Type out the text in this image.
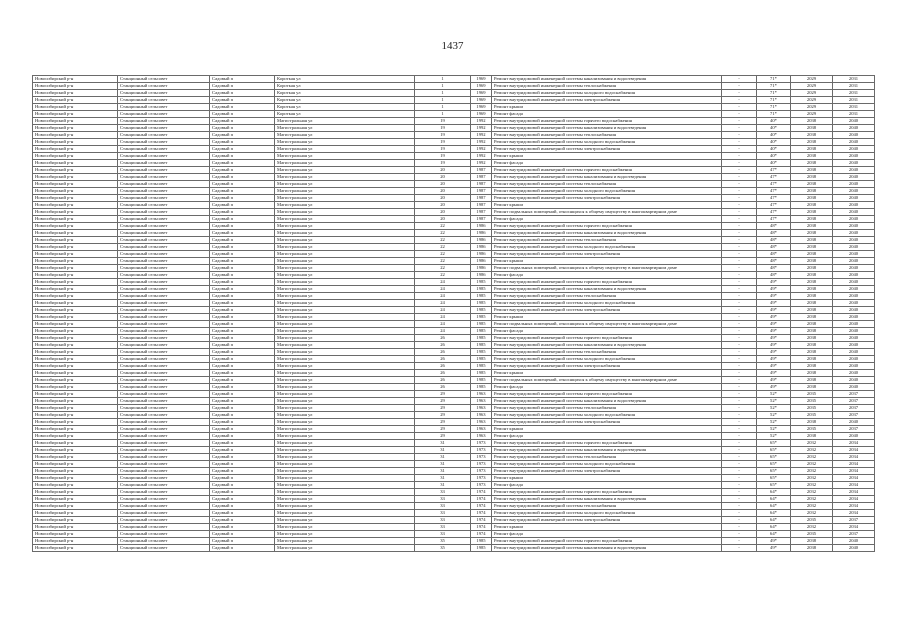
1437
Новосибирский р-н	Станционный сельсовет	Садовый п	Короткая ул	1	1969	Ремонт внутридомовой инженерной системы канализования и водоотведения	-	71*	2029	2031
Новосибирский р-н	Станционный сельсовет	Садовый п	Короткая ул	1	1969	Ремонт внутридомовой инженерной системы теплоснабжения	-	71*	2029	2031
Новосибирский р-н	Станционный сельсовет	Садовый п	Короткая ул	1	1969	Ремонт внутридомовой инженерной системы холодного водоснабжения	-	71*	2029	2031
Новосибирский р-н	Станционный сельсовет	Садовый п	Короткая ул	1	1969	Ремонт внутридомовой инженерной системы электроснабжения	-	71*	2029	2031
Новосибирский р-н	Станционный сельсовет	Садовый п	Короткая ул	1	1969	Ремонт крыши	-	71*	2029	2031
Новосибирский р-н	Станционный сельсовет	Садовый п	Короткая ул	1	1969	Ремонт фасада	-	71*	2029	2031
Новосибирский р-н	Станционный сельсовет	Садовый п	Магистральная ул	19	1992	Ремонт внутридомовой инженерной системы горячего водоснабжения	-	40*	2038	2040
Новосибирский р-н	Станционный сельсовет	Садовый п	Магистральная ул	19	1992	Ремонт внутридомовой инженерной системы канализования и водоотведения	-	40*	2038	2040
Новосибирский р-н	Станционный сельсовет	Садовый п	Магистральная ул	19	1992	Ремонт внутридомовой инженерной системы теплоснабжения	-	40*	2038	2040
Новосибирский р-н	Станционный сельсовет	Садовый п	Магистральная ул	19	1992	Ремонт внутридомовой инженерной системы холодного водоснабжения	-	40*	2038	2040
Новосибирский р-н	Станционный сельсовет	Садовый п	Магистральная ул	19	1992	Ремонт внутридомовой инженерной системы электроснабжения	-	40*	2038	2040
Новосибирский р-н	Станционный сельсовет	Садовый п	Магистральная ул	19	1992	Ремонт крыши	-	40*	2038	2040
Новосибирский р-н	Станционный сельсовет	Садовый п	Магистральная ул	19	1992	Ремонт фасада	-	40*	2038	2040
Новосибирский р-н	Станционный сельсовет	Садовый п	Магистральная ул	20	1987	Ремонт внутридомовой инженерной системы горячего водоснабжения	-	47*	2038	2040
Новосибирский р-н	Станционный сельсовет	Садовый п	Магистральная ул	20	1987	Ремонт внутридомовой инженерной системы канализования и водоотведения	-	47*	2038	2040
Новосибирский р-н	Станционный сельсовет	Садовый п	Магистральная ул	20	1987	Ремонт внутридомовой инженерной системы теплоснабжения	-	47*	2038	2040
Новосибирский р-н	Станционный сельсовет	Садовый п	Магистральная ул	20	1987	Ремонт внутридомовой инженерной системы холодного водоснабжения	-	47*	2038	2040
Новосибирский р-н	Станционный сельсовет	Садовый п	Магистральная ул	20	1987	Ремонт внутридомовой инженерной системы электроснабжения	-	47*	2038	2040
Новосибирский р-н	Станционный сельсовет	Садовый п	Магистральная ул	20	1987	Ремонт крыши	-	47*	2038	2040
Новосибирский р-н	Станционный сельсовет	Садовый п	Магистральная ул	20	1987	Ремонт подвальных помещений, относящихся к общему имуществу в многоквартирном доме	-	47*	2038	2040
Новосибирский р-н	Станционный сельсовет	Садовый п	Магистральная ул	20	1987	Ремонт фасада	-	47*	2038	2040
Новосибирский р-н	Станционный сельсовет	Садовый п	Магистральная ул	22	1986	Ремонт внутридомовой инженерной системы горячего водоснабжения	-	48*	2038	2040
Новосибирский р-н	Станционный сельсовет	Садовый п	Магистральная ул	22	1986	Ремонт внутридомовой инженерной системы канализования и водоотведения	-	48*	2038	2040
Новосибирский р-н	Станционный сельсовет	Садовый п	Магистральная ул	22	1986	Ремонт внутридомовой инженерной системы теплоснабжения	-	48*	2038	2040
Новосибирский р-н	Станционный сельсовет	Садовый п	Магистральная ул	22	1986	Ремонт внутридомовой инженерной системы холодного водоснабжения	-	48*	2038	2040
Новосибирский р-н	Станционный сельсовет	Садовый п	Магистральная ул	22	1986	Ремонт внутридомовой инженерной системы электроснабжения	-	48*	2038	2040
Новосибирский р-н	Станционный сельсовет	Садовый п	Магистральная ул	22	1986	Ремонт крыши	-	48*	2038	2040
Новосибирский р-н	Станционный сельсовет	Садовый п	Магистральная ул	22	1986	Ремонт подвальных помещений, относящихся к общему имуществу в многоквартирном доме	-	48*	2038	2040
Новосибирский р-н	Станционный сельсовет	Садовый п	Магистральная ул	22	1986	Ремонт фасада	-	48*	2038	2040
Новосибирский р-н	Станционный сельсовет	Садовый п	Магистральная ул	24	1985	Ремонт внутридомовой инженерной системы горячего водоснабжения	-	49*	2038	2040
Новосибирский р-н	Станционный сельсовет	Садовый п	Магистральная ул	24	1985	Ремонт внутридомовой инженерной системы канализования и водоотведения	-	49*	2038	2040
Новосибирский р-н	Станционный сельсовет	Садовый п	Магистральная ул	24	1985	Ремонт внутридомовой инженерной системы теплоснабжения	-	49*	2038	2040
Новосибирский р-н	Станционный сельсовет	Садовый п	Магистральная ул	24	1985	Ремонт внутридомовой инженерной системы холодного водоснабжения	-	49*	2038	2040
Новосибирский р-н	Станционный сельсовет	Садовый п	Магистральная ул	24	1985	Ремонт внутридомовой инженерной системы электроснабжения	-	49*	2038	2040
Новосибирский р-н	Станционный сельсовет	Садовый п	Магистральная ул	24	1985	Ремонт крыши	-	49*	2038	2040
Новосибирский р-н	Станционный сельсовет	Садовый п	Магистральная ул	24	1985	Ремонт подвальных помещений, относящихся к общему имуществу в многоквартирном доме	-	49*	2038	2040
Новосибирский р-н	Станционный сельсовет	Садовый п	Магистральная ул	24	1985	Ремонт фасада	-	49*	2038	2040
Новосибирский р-н	Станционный сельсовет	Садовый п	Магистральная ул	26	1985	Ремонт внутридомовой инженерной системы горячего водоснабжения	-	49*	2038	2040
Новосибирский р-н	Станционный сельсовет	Садовый п	Магистральная ул	26	1985	Ремонт внутридомовой инженерной системы канализования и водоотведения	-	49*	2038	2040
Новосибирский р-н	Станционный сельсовет	Садовый п	Магистральная ул	26	1985	Ремонт внутридомовой инженерной системы теплоснабжения	-	49*	2038	2040
Новосибирский р-н	Станционный сельсовет	Садовый п	Магистральная ул	26	1985	Ремонт внутридомовой инженерной системы холодного водоснабжения	-	49*	2038	2040
Новосибирский р-н	Станционный сельсовет	Садовый п	Магистральная ул	26	1985	Ремонт внутридомовой инженерной системы электроснабжения	-	49*	2038	2040
Новосибирский р-н	Станционный сельсовет	Садовый п	Магистральная ул	26	1985	Ремонт крыши	-	49*	2038	2040
Новосибирский р-н	Станционный сельсовет	Садовый п	Магистральная ул	26	1985	Ремонт подвальных помещений, относящихся к общему имуществу в многоквартирном доме	-	49*	2038	2040
Новосибирский р-н	Станционный сельсовет	Садовый п	Магистральная ул	26	1985	Ремонт фасада	-	49*	2038	2040
Новосибирский р-н	Станционный сельсовет	Садовый п	Магистральная ул	29	1963	Ремонт внутридомовой инженерной системы горячего водоснабжения	-	52*	2035	2037
Новосибирский р-н	Станционный сельсовет	Садовый п	Магистральная ул	29	1963	Ремонт внутридомовой инженерной системы канализования и водоотведения	-	52*	2035	2037
Новосибирский р-н	Станционный сельсовет	Садовый п	Магистральная ул	29	1963	Ремонт внутридомовой инженерной системы теплоснабжения	-	52*	2035	2037
Новосибирский р-н	Станционный сельсовет	Садовый п	Магистральная ул	29	1963	Ремонт внутридомовой инженерной системы холодного водоснабжения	-	52*	2035	2037
Новосибирский р-н	Станционный сельсовет	Садовый п	Магистральная ул	29	1963	Ремонт внутридомовой инженерной системы электроснабжения	-	52*	2038	2040
Новосибирский р-н	Станционный сельсовет	Садовый п	Магистральная ул	29	1963	Ремонт крыши	-	52*	2035	2037
Новосибирский р-н	Станционный сельсовет	Садовый п	Магистральная ул	29	1963	Ремонт фасада	-	52*	2038	2040
Новосибирский р-н	Станционный сельсовет	Садовый п	Магистральная ул	31	1973	Ремонт внутридомовой инженерной системы горячего водоснабжения	-	65*	2032	2034
Новосибирский р-н	Станционный сельсовет	Садовый п	Магистральная ул	31	1973	Ремонт внутридомовой инженерной системы канализования и водоотведения	-	65*	2032	2034
Новосибирский р-н	Станционный сельсовет	Садовый п	Магистральная ул	31	1973	Ремонт внутридомовой инженерной системы теплоснабжения	-	65*	2032	2034
Новосибирский р-н	Станционный сельсовет	Садовый п	Магистральная ул	31	1973	Ремонт внутридомовой инженерной системы холодного водоснабжения	-	65*	2032	2034
Новосибирский р-н	Станционный сельсовет	Садовый п	Магистральная ул	31	1973	Ремонт внутридомовой инженерной системы электроснабжения	-	65*	2032	2034
Новосибирский р-н	Станционный сельсовет	Садовый п	Магистральная ул	31	1973	Ремонт крыши	-	65*	2032	2034
Новосибирский р-н	Станционный сельсовет	Садовый п	Магистральная ул	31	1973	Ремонт фасада	-	65*	2032	2034
Новосибирский р-н	Станционный сельсовет	Садовый п	Магистральная ул	33	1974	Ремонт внутридомовой инженерной системы горячего водоснабжения	-	64*	2032	2034
Новосибирский р-н	Станционный сельсовет	Садовый п	Магистральная ул	33	1974	Ремонт внутридомовой инженерной системы канализования и водоотведения	-	64*	2032	2034
Новосибирский р-н	Станционный сельсовет	Садовый п	Магистральная ул	33	1974	Ремонт внутридомовой инженерной системы теплоснабжения	-	64*	2032	2034
Новосибирский р-н	Станционный сельсовет	Садовый п	Магистральная ул	33	1974	Ремонт внутридомовой инженерной системы холодного водоснабжения	-	64*	2032	2034
Новосибирский р-н	Станционный сельсовет	Садовый п	Магистральная ул	33	1974	Ремонт внутридомовой инженерной системы электроснабжения	-	64*	2035	2037
Новосибирский р-н	Станционный сельсовет	Садовый п	Магистральная ул	33	1974	Ремонт крыши	-	64*	2032	2034
Новосибирский р-н	Станционный сельсовет	Садовый п	Магистральная ул	33	1974	Ремонт фасада	-	64*	2035	2037
Новосибирский р-н	Станционный сельсовет	Садовый п	Магистральная ул	35	1985	Ремонт внутридомовой инженерной системы горячего водоснабжения	-	49*	2038	2040
Новосибирский р-н	Станционный сельсовет	Садовый п	Магистральная ул	35	1985	Ремонт внутридомовой инженерной системы канализования и водоотведения	-	49*	2038	2040
